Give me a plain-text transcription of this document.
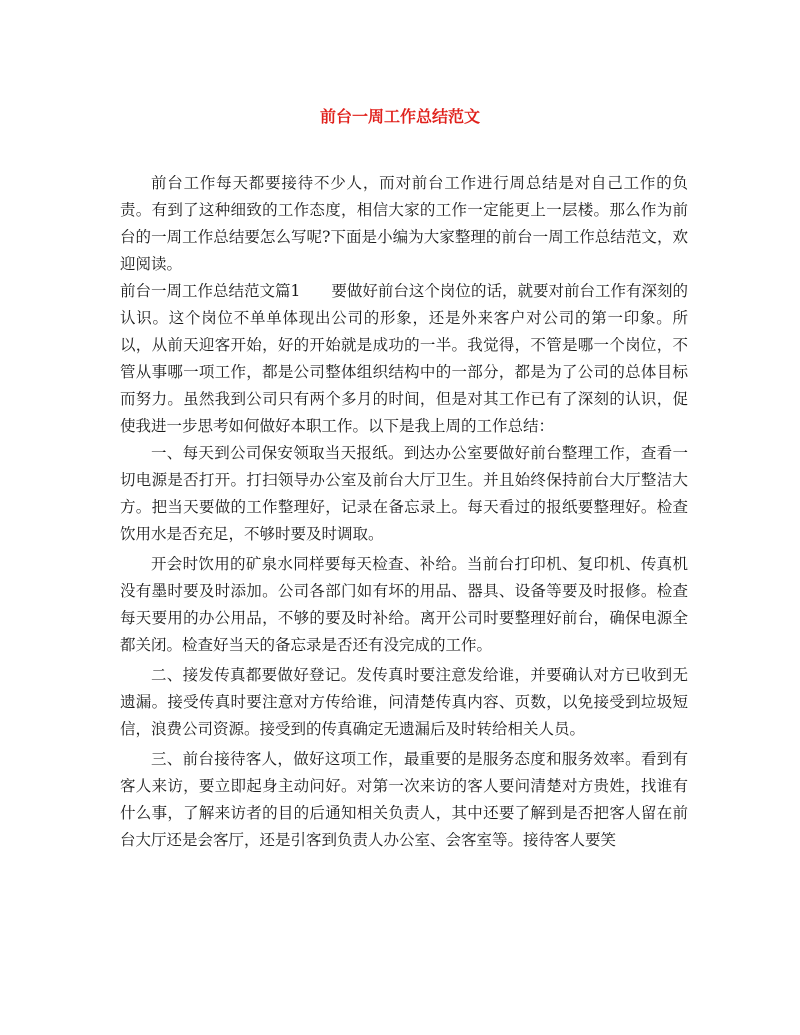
前台一周工作总结范文

前台工作每天都要接待不少人，而对前台工作进行周总结是对自己工作的负责。有到了这种细致的工作态度，相信大家的工作一定能更上一层楼。那么作为前台的一周工作总结要怎么写呢?下面是小编为大家整理的前台一周工作总结范文，欢迎阅读。

前台一周工作总结范文篇1 要做好前台这个岗位的话，就要对前台工作有深刻的认识。这个岗位不单单体现出公司的形象，还是外来客户对公司的第一印象。所以，从前天迎客开始，好的开始就是成功的一半。我觉得，不管是哪一个岗位，不管从事哪一项工作，都是公司整体组织结构中的一部分，都是为了公司的总体目标而努力。虽然我到公司只有两个多月的时间，但是对其工作已有了深刻的认识，促使我进一步思考如何做好本职工作。以下是我上周的工作总结：

一、每天到公司保安领取当天报纸。到达办公室要做好前台整理工作，查看一切电源是否打开。打扫领导办公室及前台大厅卫生。并且始终保持前台大厅整洁大方。把当天要做的工作整理好，记录在备忘录上。每天看过的报纸要整理好。检查饮用水是否充足，不够时要及时调取。

开会时饮用的矿泉水同样要每天检查、补给。当前台打印机、复印机、传真机没有墨时要及时添加。公司各部门如有坏的用品、器具、设备等要及时报修。检查每天要用的办公用品，不够的要及时补给。离开公司时要整理好前台，确保电源全都关闭。检查好当天的备忘录是否还有没完成的工作。

二、接发传真都要做好登记。发传真时要注意发给谁，并要确认对方已收到无遗漏。接受传真时要注意对方传给谁，问清楚传真内容、页数，以免接受到垃圾短信，浪费公司资源。接受到的传真确定无遗漏后及时转给相关人员。

三、前台接待客人，做好这项工作，最重要的是服务态度和服务效率。看到有客人来访，要立即起身主动问好。对第一次来访的客人要问清楚对方贵姓，找谁有什么事，了解来访者的目的后通知相关负责人，其中还要了解到是否把客人留在前台大厅还是会客厅，还是引客到负责人办公室、会客室等。接待客人要笑
